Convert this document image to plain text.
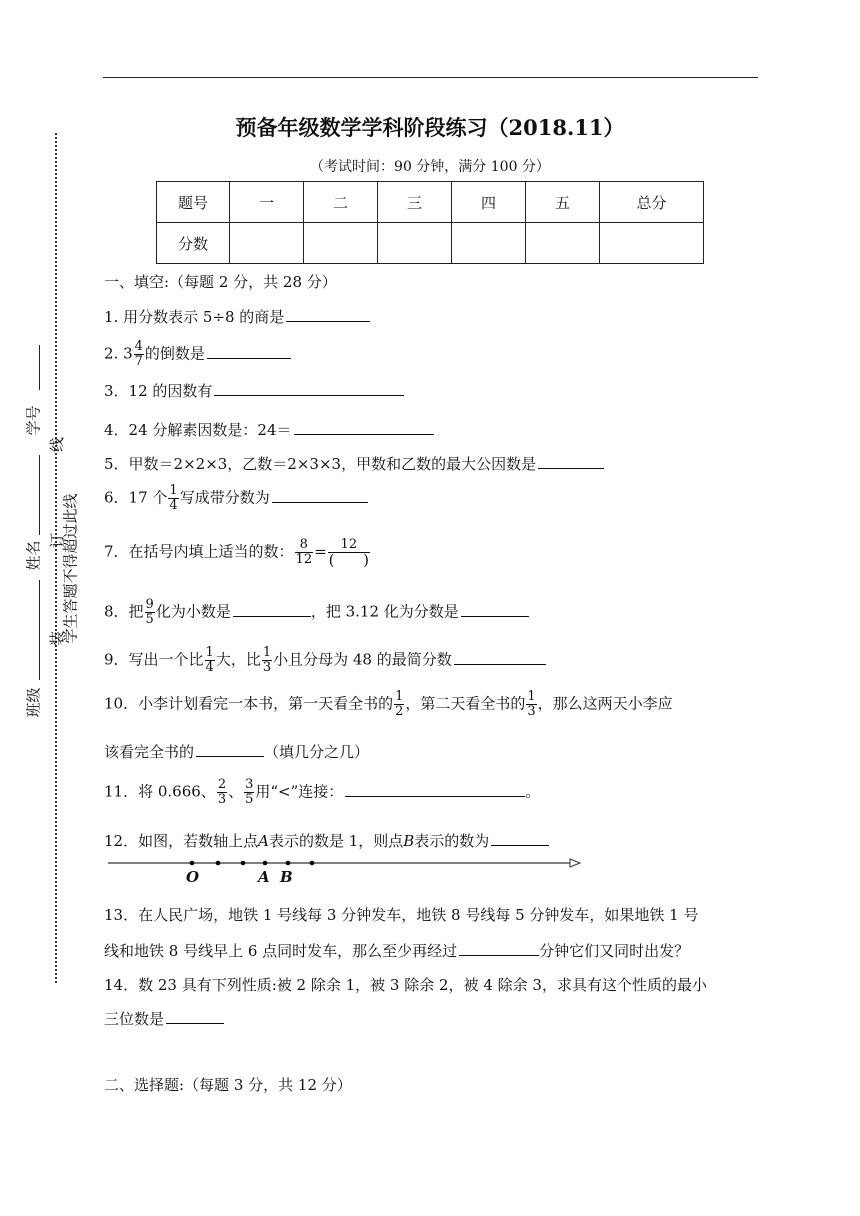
学号
姓名
班级
线
订
装
学生答题不得超过此线
预备年级数学学科阶段练习（2018.11）
（考试时间：90 分钟，满分 100 分）
题号	一	二	三	四	五	总分
分数						
一、填空:（每题 2 分，共 28 分）
1. 用分数表示 5÷8 的商是
2. $3 \frac{4}{7}$ 的倒数是
3．12 的因数有
4．24 分解素因数是：24＝
5．甲数＝2×2×3，乙数＝2×3×3，甲数和乙数的最大公因数是
6．17 个 $\frac{1}{4}$ 写成带分数为
7．在括号内填上适当的数： $\frac{8}{12} = \frac{12}{( )}$
8．把 $\frac{9}{5}$ 化为小数是	，把 3.12 化为分数是
9．写出一个比 $\frac{1}{4}$ 大，比 $\frac{1}{3}$ 小且分母为 48 的最简分数
10．小李计划看完一本书，第一天看全书的 $\frac{1}{2}$ ，第二天看全书的 $\frac{1}{3}$ ，那么这两天小李应
该看完全书的	（填几分之几）
11．将 0.666、 $\frac{2}{3}$ 、 $\frac{3}{5}$ 用“<”连接：	。
12．如图，若数轴上点A表示的数是 1，则点B表示的数为
O	A B
13．在人民广场，地铁 1 号线每 3 分钟发车，地铁 8 号线每 5 分钟发车，如果地铁 1 号
线和地铁 8 号线早上 6 点同时发车，那么至少再经过	分钟它们又同时出发？
14．数 23 具有下列性质:被 2 除余 1，被 3 除余 2，被 4 除余 3，求具有这个性质的最小
三位数是
二、选择题:（每题 3 分，共 12 分）
